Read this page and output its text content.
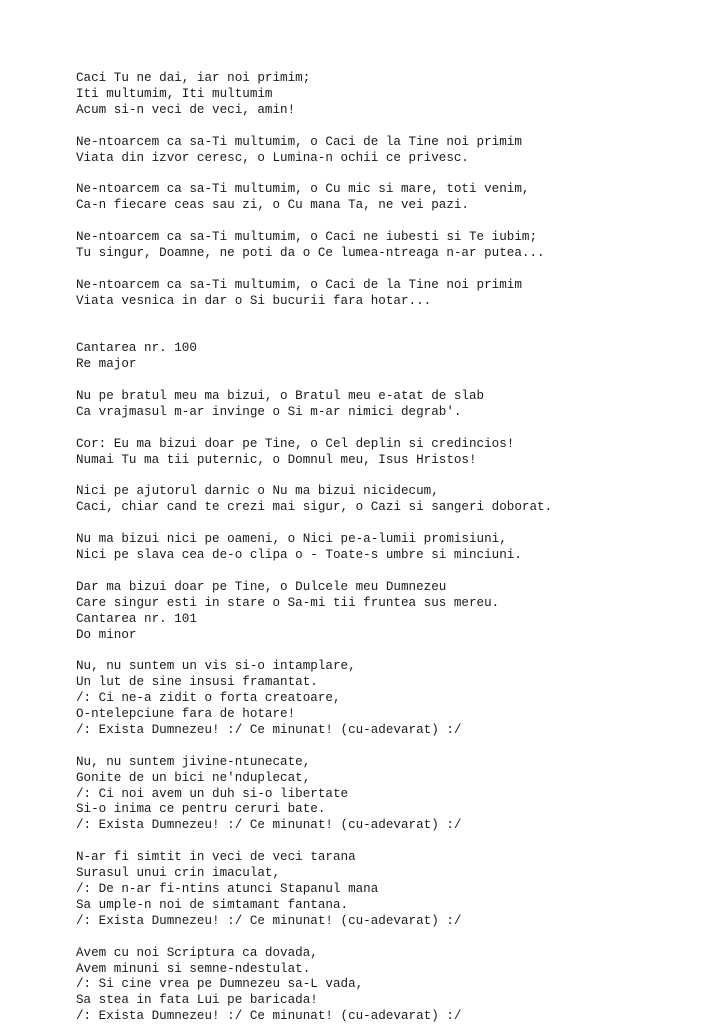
Caci Tu ne dai, iar noi primim;
Iti multumim, Iti multumim
Acum si-n veci de veci, amin!
Ne-ntoarcem ca sa-Ti multumim, o Caci de la Tine noi primim
Viata din izvor ceresc, o Lumina-n ochii ce privesc.
Ne-ntoarcem ca sa-Ti multumim, o Cu mic si mare, toti venim,
Ca-n fiecare ceas sau zi, o Cu mana Ta, ne vei pazi.
Ne-ntoarcem ca sa-Ti multumim, o Caci ne iubesti si Te iubim;
Tu singur, Doamne, ne poti da o Ce lumea-ntreaga n-ar putea...
Ne-ntoarcem ca sa-Ti multumim, o Caci de la Tine noi primim
Viata vesnica in dar o Si bucurii fara hotar...
Cantarea nr. 100
Re major
Nu pe bratul meu ma bizui, o Bratul meu e-atat de slab
Ca vrajmasul m-ar invinge o Si m-ar nimici degrab'.
Cor: Eu ma bizui doar pe Tine, o Cel deplin si credincios!
Numai Tu ma tii puternic, o Domnul meu, Isus Hristos!
Nici pe ajutorul darnic o Nu ma bizui nicidecum,
Caci, chiar cand te crezi mai sigur, o Cazi si sangeri doborat.
Nu ma bizui nici pe oameni, o Nici pe-a-lumii promisiuni,
Nici pe slava cea de-o clipa o - Toate-s umbre si minciuni.
Dar ma bizui doar pe Tine, o Dulcele meu Dumnezeu
Care singur esti in stare o Sa-mi tii fruntea sus mereu.
Cantarea nr. 101
Do minor
Nu, nu suntem un vis si-o intamplare,
Un lut de sine insusi framantat.
/: Ci ne-a zidit o forta creatoare,
O-ntelepciune fara de hotare!
/: Exista Dumnezeu! :/ Ce minunat! (cu-adevarat) :/
Nu, nu suntem jivine-ntunecate,
Gonite de un bici ne'nduplecat,
/: Ci noi avem un duh si-o libertate
Si-o inima ce pentru ceruri bate.
/: Exista Dumnezeu! :/ Ce minunat! (cu-adevarat) :/
N-ar fi simtit in veci de veci tarana
Surasul unui crin imaculat,
/: De n-ar fi-ntins atunci Stapanul mana
Sa umple-n noi de simtamant fantana.
/: Exista Dumnezeu! :/ Ce minunat! (cu-adevarat) :/
Avem cu noi Scriptura ca dovada,
Avem minuni si semne-ndestulat.
/: Si cine vrea pe Dumnezeu sa-L vada,
Sa stea in fata Lui pe baricada!
/: Exista Dumnezeu! :/ Ce minunat! (cu-adevarat) :/
